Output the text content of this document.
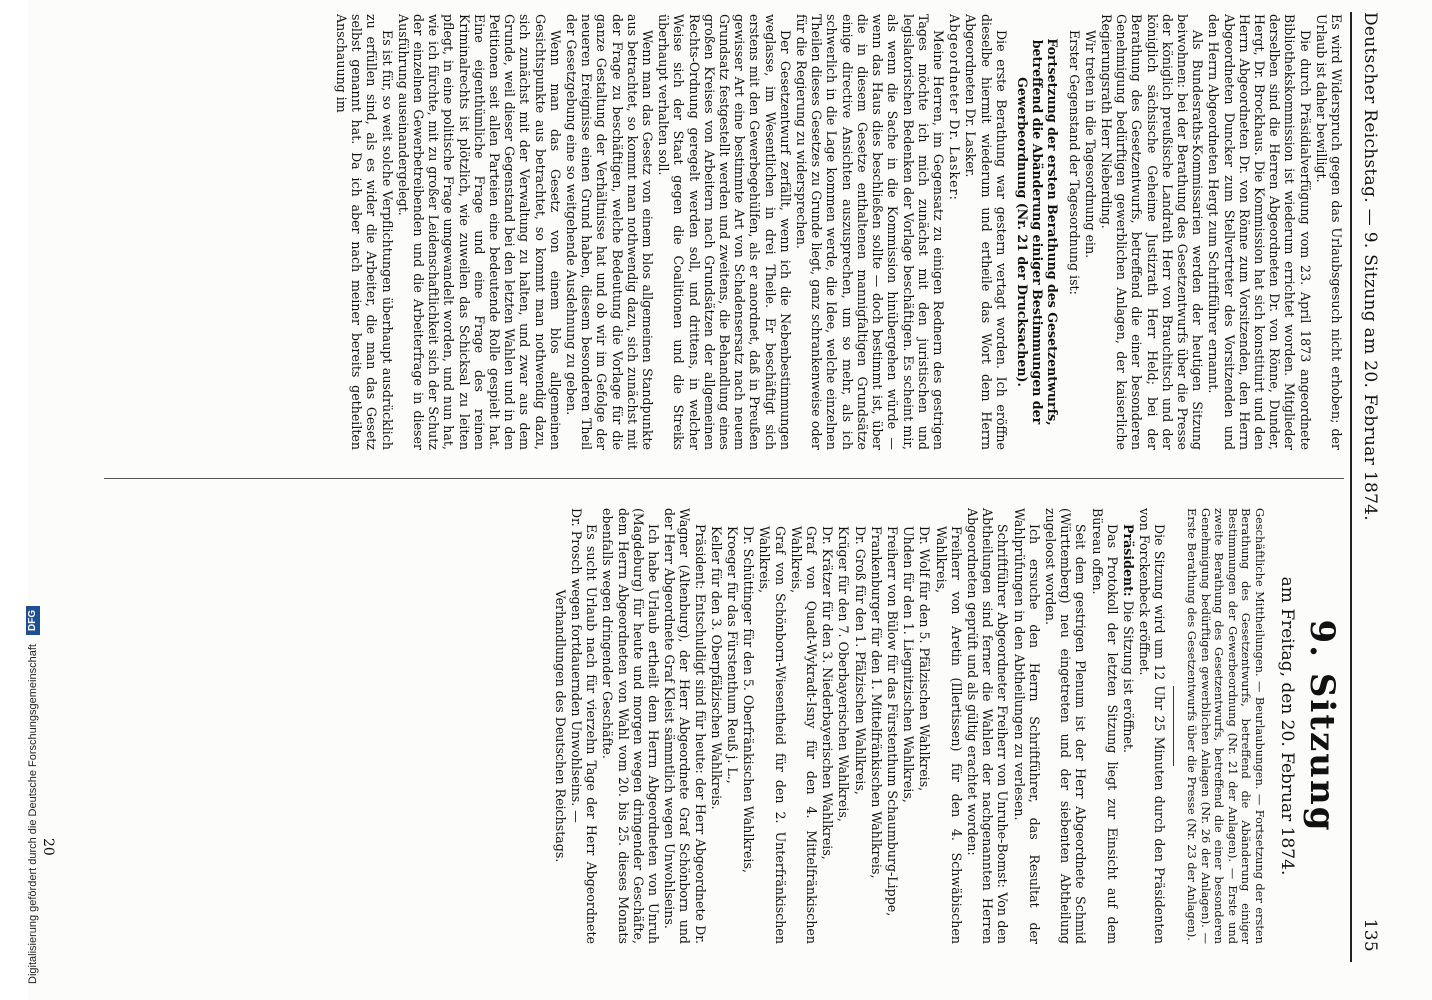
Deutscher Reichstag. — 9. Sitzung am 20. Februar 1874.
135

Es wird Widerspruch gegen das Urlaubsgesuch nicht erhoben; der Urlaub ist daher bewilligt.

Die durch Präsidialverfügung vom 23. April 1873 angeordnete Bibliothekskommission ist wiederum errichtet worden. Mitglieder derselben sind die Herren Abgeordneten Dr. von Rönne, Dunder, Hergt, Dr. Brockhaus. Die Kommission hat sich konstituirt und den Herrn Abgeordneten Dr. von Rönne zum Vorsitzenden, den Herrn Abgeordneten Duncker zum Stellvertreter des Vorsitzenden und den Herrn Abgeordneten Hergt zum Schriftführer ernannt.

Als Bundesraths-Kommissarien werden der heutigen Sitzung beiwohnen: bei der Berathung des Gesetzentwurfs über die Presse der königlich preußische Landrath Herr von Brauchitsch und der königlich sächsische Geheime Justizrath Herr Held; bei der Berathung des Gesetzentwurfs, betreffend die einer besonderen Genehmigung bedürftigen gewerblichen Anlagen, der kaiserliche Regierungsrath Herr Nieberding.

Wir treten in die Tagesordnung ein.

Erster Gegenstand der Tagesordnung ist:

Fortsetzung der ersten Berathung des Gesetzentwurfs, betreffend die Abänderung einiger Bestimmungen der Gewerbeordnung (Nr. 21 der Drucksachen).

Die erste Berathung war gestern vertagt worden. Ich eröffne dieselbe hiermit wiederum und ertheile das Wort dem Herrn Abgeordneten Dr. Lasker.

Abgeordneter Dr. Lasker:

Meine Herren, im Gegensatz zu einigen Rednern des gestrigen Tages möchte ich mich zunächst mit den juristischen und legislatorischen Bedenken der Vorlage beschäftigen. Es scheint mir, als wenn die Sache in die Kommission hinübergehen würde — wenn das Haus dies beschließen sollte — doch bestimmt ist, über die in diesem Gesetze enthaltenen mannigfaltigen Grundsätze einige directive Ansichten auszusprechen, um so mehr, als ich schwerlich in die Lage kommen werde, die Idee, welche einzelnen Theilen dieses Gesetzes zu Grunde liegt, ganz schrankenweise oder für die Regierung zu widersprechen.

Der Gesetzentwurf zerfällt, wenn ich die Nebenbestimmungen weglasse, im Wesentlichen in drei Theile. Er beschäftigt sich erstens mit den Gewerbegehülfen, als er anordnet, daß in Preußen gewisser Art eine bestimmte Art von Schadensersatz nach neuem Grundsatz festgestellt werden und zweitens, die Behandlung eines großen Kreises von Arbeitern nach Grundsätzen der allgemeinen Rechts-Ordnung geregelt werden soll, und drittens, in welcher Weise sich der Staat gegen die Coalitionen und die Streiks überhaupt verhalten soll.

Wenn man das Gesetz von einem blos allgemeinen Standpunkte aus betrachtet, so kommt man nothwendig dazu, sich zunächst mit der Frage zu beschäftigen, welche Bedeutung die Vorlage für die ganze Gestaltung der Verhältnisse hat und ob wir im Gefolge der neueren Ereignisse einen Grund haben, diesem besonderen Theil der Gesetzgebung eine so weitgehende Ausdehnung zu geben.

Wenn man das Gesetz von einem blos allgemeinen Gesichtspunkte aus betrachtet, so kommt man nothwendig dazu, sich zunächst mit der Verwaltung zu halten, und zwar aus dem Grunde, weil dieser Gegenstand bei den letzten Wahlen und in den Petitionen seit allen Parteien eine bedeutende Rolle gespielt hat. Eine eigenthümliche Frage und eine Frage des reinen Kriminalrechts ist plötzlich, wie zuweilen das Schicksal zu leiten pflegt, in eine politische Frage umgewandelt worden, und nun hat, wie ich fürchte, mit zu großer Leidenschaftlichkeit sich der Schutz der einzelnen Gewerbetreibenden und die Arbeiterfrage in dieser Ausführung auseinandergelegt.

Es ist für, so weit solche Verpflichtungen überhaupt ausdrücklich zu erfüllen sind, als es wider die Arbeiter, die man das Gesetz selbst genannt hat. Da ich aber nach meiner bereits getheilten Anschauung im

9. Sitzung
am Freitag, den 20. Februar 1874.

Geschäftliche Mittheilungen. — Beurlaubungen. — Fortsetzung der ersten Berathung des Gesetzentwurfs, betreffend die Abänderung einiger Bestimmungen der Gewerbeordnung (Nr. 21 der Anlagen). — Erste und zweite Berathung des Gesetzentwurfs, betreffend die einer besonderen Genehmigung bedürftigen gewerblichen Anlagen (Nr. 26 der Anlagen). — Erste Berathung des Gesetzentwurfs über die Presse (Nr. 23 der Anlagen).

Die Sitzung wird um 12 Uhr 25 Minuten durch den Präsidenten von Forckenbeck eröffnet.

Präsident: Die Sitzung ist eröffnet.

Das Protokoll der letzten Sitzung liegt zur Einsicht auf dem Büreau offen.

Seit dem gestrigen Plenum ist der Herr Abgeordnete Schmid (Württemberg) neu eingetreten und der siebenten Abtheilung zugeloost worden.

Ich ersuche den Herrn Schriftführer, das Resultat der Wahlprüfungen in den Abtheilungen zu verlesen.

Schriftführer Abgeordneter Freiherr von Unruhe-Bomst: Von den Abtheilungen sind ferner die Wahlen der nachgenannten Herren Abgeordneten geprüft und als gültig erachtet worden:

Freiherr von Aretin (Illertissen) für den 4. Schwäbischen Wahlkreis,

Dr. Wolf für den 5. Pfälzischen Wahlkreis,

Uhden für den 1. Liegnitzischen Wahlkreis,

Freiherr von Bülow für das Fürstenthum Schaumburg-Lippe,

Frankenburger für den 1. Mittelfränkischen Wahlkreis,

Dr. Groß für den 1. Pfälzischen Wahlkreis,

Krüger für den 7. Oberbayerischen Wahlkreis,

Dr. Krätzer für den 3. Niederbayerischen Wahlkreis,

Graf von Quadt-Wykradt-Isny für den 4. Mittelfränkischen Wahlkreis,

Graf von Schönborn-Wiesentheid für den 2. Unterfränkischen Wahlkreis,

Dr. Schüttinger für den 5. Oberfränkischen Wahlkreis,

Kroeger für das Fürstenthum Reuß j. L.,

Keller für den 3. Oberpfälzischen Wahlkreis.

Präsident: Entschuldigt sind für heute: der Herr Abgeordnete Dr. Wagner (Altenburg), der Herr Abgeordnete Graf Schönborn und der Herr Abgeordnete Graf Kleist sämmtlich wegen Unwohlseins.

Ich habe Urlaub ertheilt dem Herrn Abgeordneten von Unruh (Magdeburg) für heute und morgen wegen dringender Geschäfte, dem Herrn Abgeordneten von Wahl vom 20. bis 25. dieses Monats ebenfalls wegen dringender Geschäfte.

Es sucht Urlaub nach für vierzehn Tage der Herr Abgeordnete Dr. Prosch wegen fortdauernden Unwohlseins. —

Verhandlungen des Deutschen Reichstags.

20
Digitalisierung gefördert durch die Deutsche Forschungsgemeinschaft DFG
